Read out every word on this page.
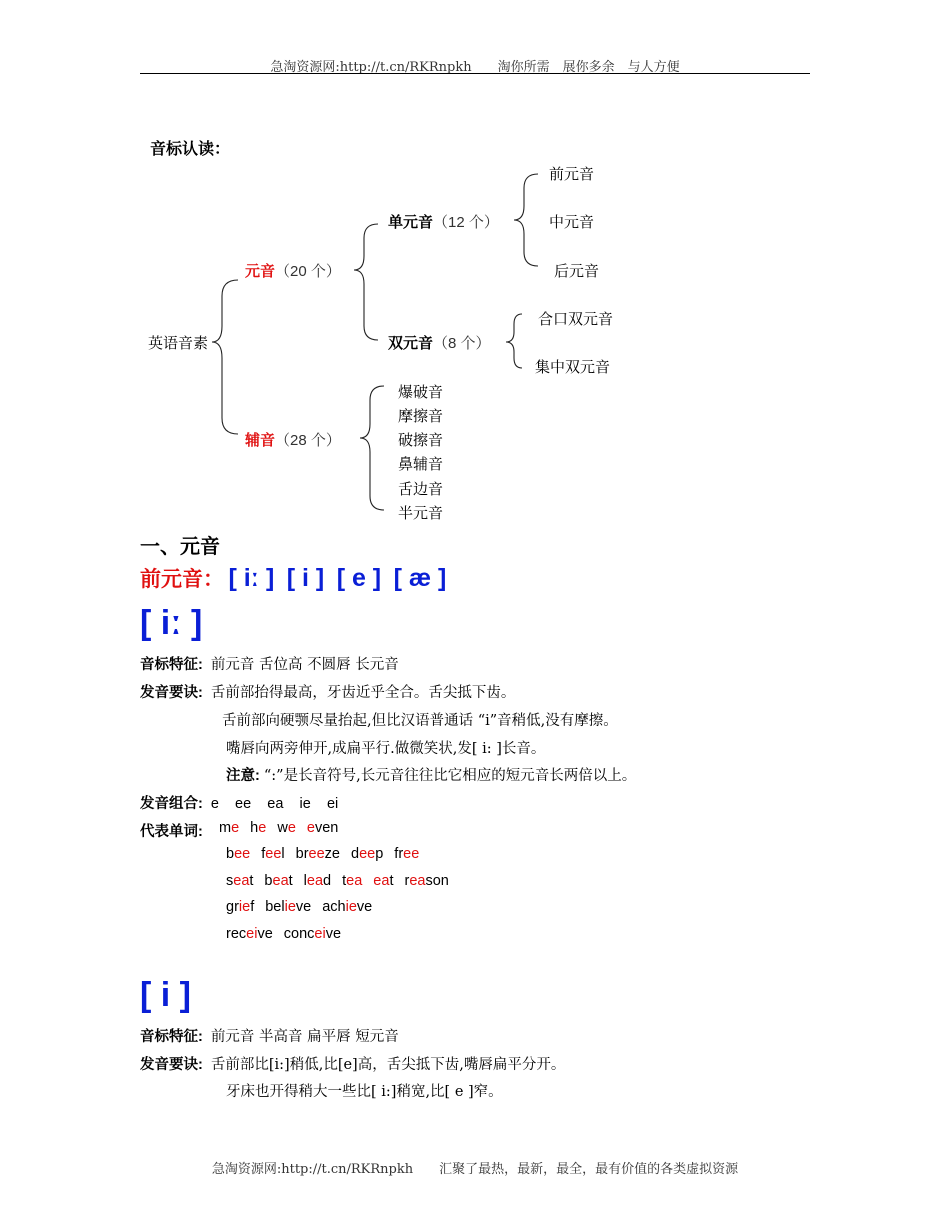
急淘资源网:http://t.cn/RKRnpkh 淘你所需　展你多余　与人方便
音标认读：
英语音素
元音（20 个）
单元音（12 个）
前元音
中元音
后元音
双元音（8 个）
合口双元音
集中双元音
辅音（28 个）
爆破音
摩擦音
破擦音
鼻辅音
舌边音
半元音
一、元音
前元音： [ iː ] [ i ] [ e ] [ æ ]
[ iː ]
音标特征: 前元音 舌位高 不圆唇 长元音
发音要诀: 舌前部抬得最高，牙齿近乎全合。舌尖抵下齿。
舌前部向硬颚尽量抬起,但比汉语普通话 “i”音稍低,没有摩擦。
嘴唇向两旁伸开,成扁平行.做微笑状,发[ i: ]长音。
注意: “:”是长音符号,长元音往往比它相应的短元音长两倍以上。
发音组合: e    ee    ea    ie    ei
代表单词: me he we even
bee feel breeze deep free
seat beat lead tea eat reason
grief believe achieve
receive conceive
[ i ]
音标特征: 前元音 半高音 扁平唇 短元音
发音要诀: 舌前部比[i:]稍低,比[e]高，舌尖抵下齿,嘴唇扁平分开。
牙床也开得稍大一些比[ i:]稍宽,比[ e ]窄。
急淘资源网:http://t.cn/RKRnpkh 汇聚了最热，最新，最全，最有价值的各类虚拟资源
